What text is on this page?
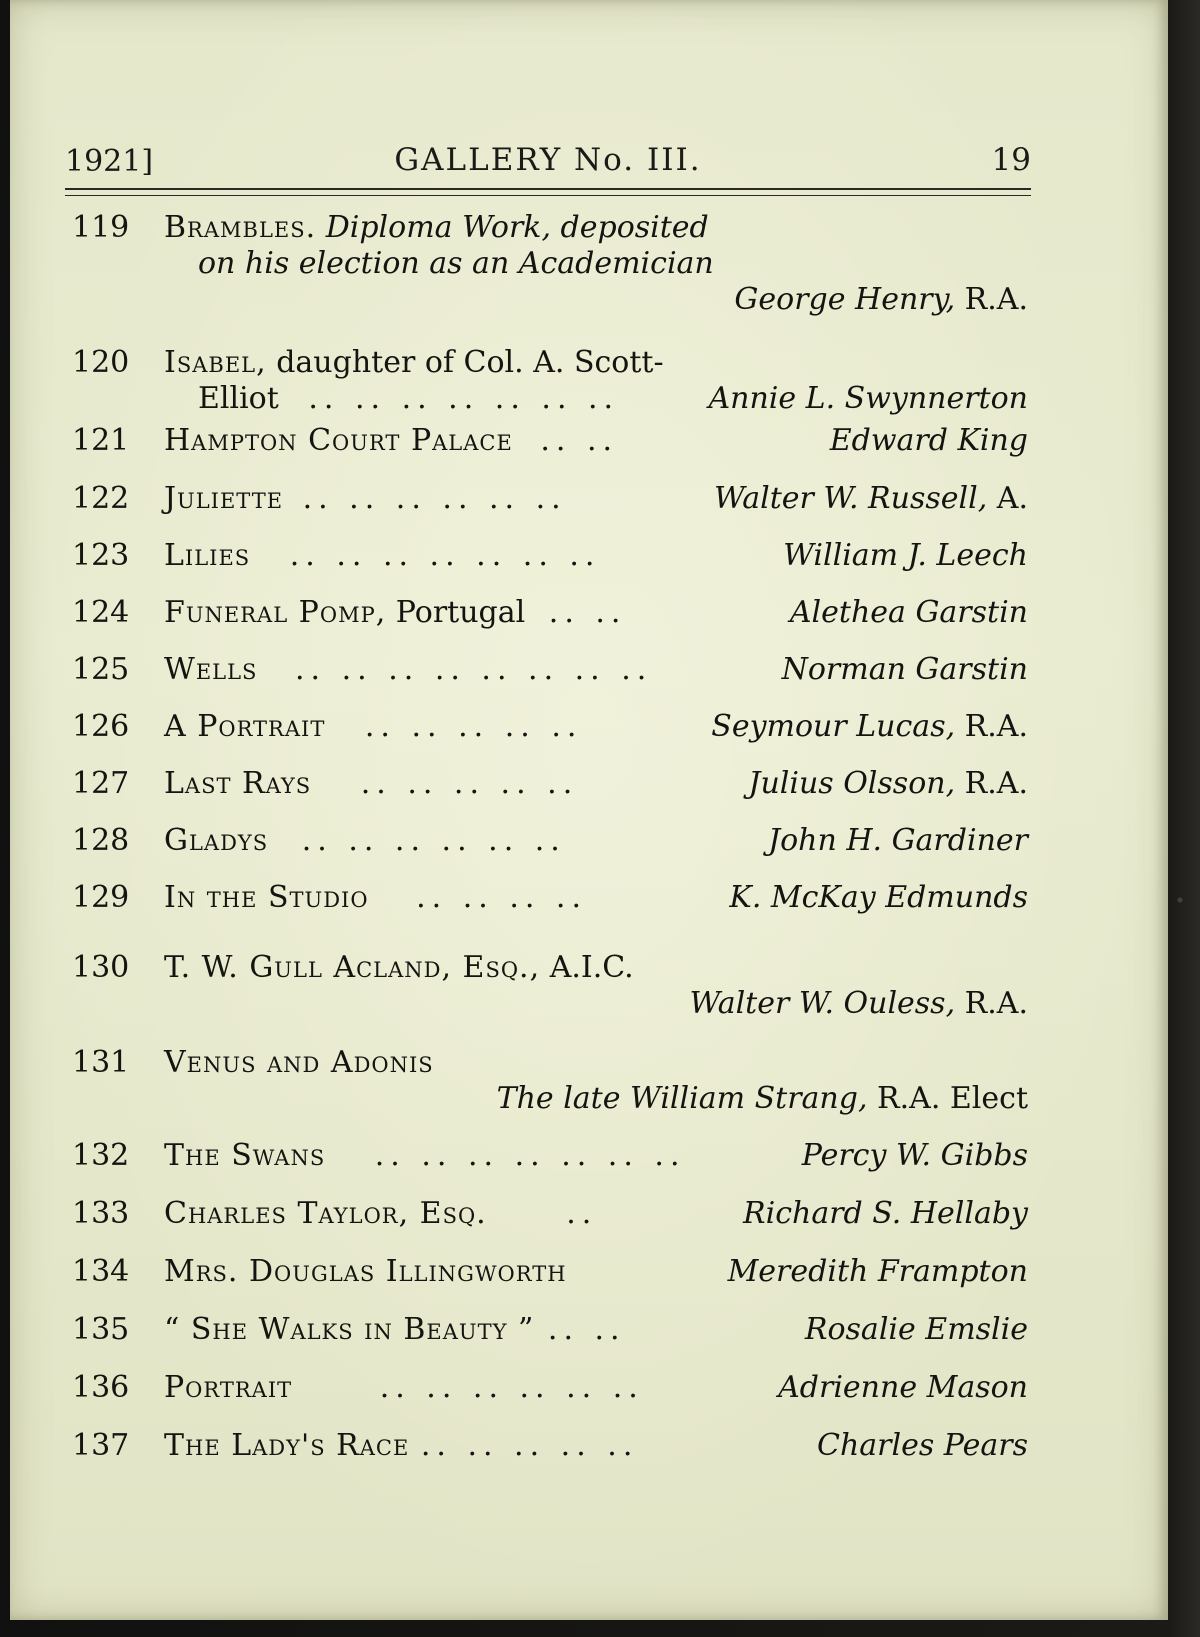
1921]	GALLERY No. III.	19
119	Brambles. Diploma Work, deposited
on his election as an Academician
George Henry, R.A.
120	Isabel, daughter of Col. A. Scott-
Elliot .. .. .. .. .. .. ..	Annie L. Swynnerton
121	Hampton Court Palace .. ..	Edward King
122	Juliette .. .. .. .. .. ..	Walter W. Russell, A.
123	Lilies .. .. .. .. .. .. ..	William J. Leech
124	Funeral Pomp, Portugal .. ..	Alethea Garstin
125	Wells .. .. .. .. .. .. .. ..	Norman Garstin
126	A Portrait .. .. .. .. ..	Seymour Lucas, R.A.
127	Last Rays .. .. .. .. ..	Julius Olsson, R.A.
128	Gladys .. .. .. .. .. ..	John H. Gardiner
129	In the Studio .. .. .. ..	K. McKay Edmunds
130	T. W. Gull Acland, Esq., A.I.C.
Walter W. Ouless, R.A.
131	Venus and Adonis
The late William Strang, R.A. Elect
132	The Swans .. .. .. .. .. .. ..	Percy W. Gibbs
133	Charles Taylor, Esq.	..	Richard S. Hellaby
134	Mrs. Douglas Illingworth	Meredith Frampton
135	“ She Walks in Beauty ” .. ..	Rosalie Emslie
136	Portrait	.. .. .. .. .. ..	Adrienne Mason
137	The Lady's Race .. .. .. .. ..	Charles Pears
